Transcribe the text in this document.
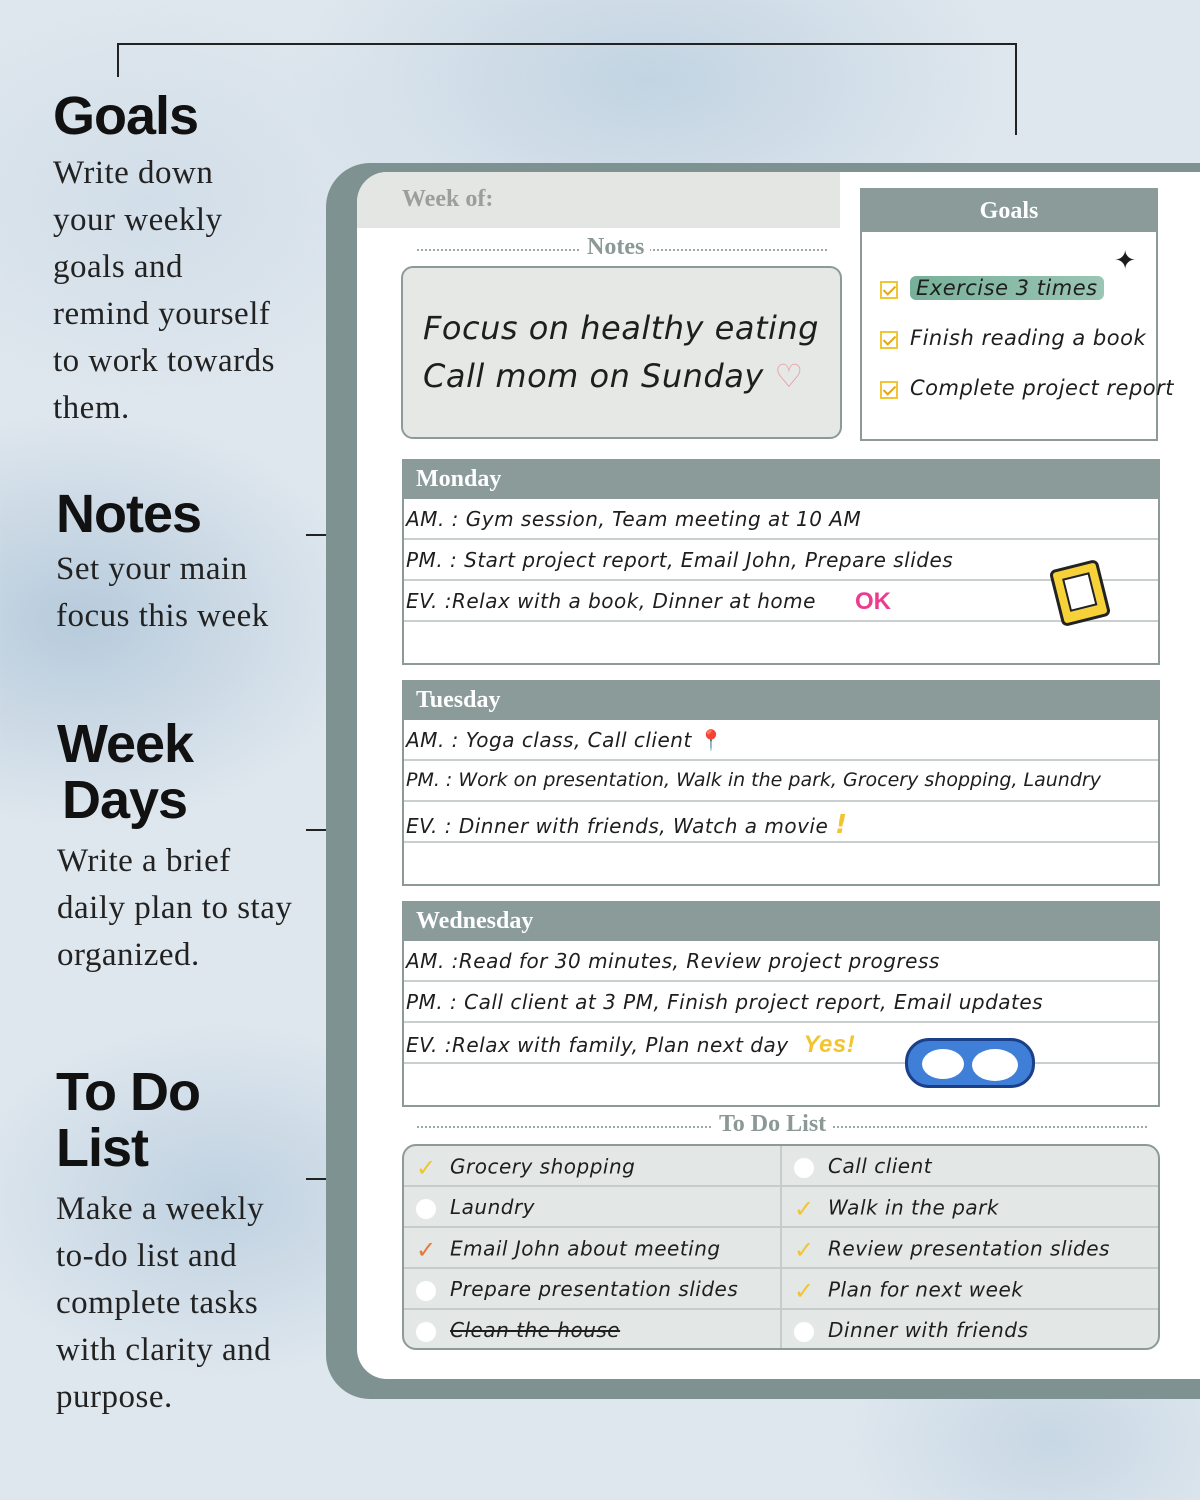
Goals
Write down
your weekly
goals and
remind yourself
to work towards
them.
Notes
Set your main
focus this week
Week
Days
Write a brief
daily plan to stay
organized.
To Do
List
Make a weekly
to-do list and
complete tasks
with clarity and
purpose.
Week of:
Notes
Focus on healthy eating
Call mom on Sunday ♡
Goals
✦
Exercise 3 times
Finish reading a book
Complete project report
Monday
AM. : Gym session, Team meeting at 10 AM
PM. : Start project report, Email John, Prepare slides
EV. :Relax with a book, Dinner at home	OK
Tuesday
AM. : Yoga class, Call client 📍
PM. : Work on presentation, Walk in the park, Grocery shopping, Laundry
EV. : Dinner with friends, Watch a movie !
Wednesday
AM. :Read for 30 minutes, Review project progress
PM. : Call client at 3 PM, Finish project report, Email updates
EV. :Relax with family, Plan next day Yes!
To Do List
✓ Grocery shopping
Laundry
✓ Email John about meeting
Prepare presentation slides
Clean the house
Call client
✓ Walk in the park
✓ Review presentation slides
✓ Plan for next week
Dinner with friends
